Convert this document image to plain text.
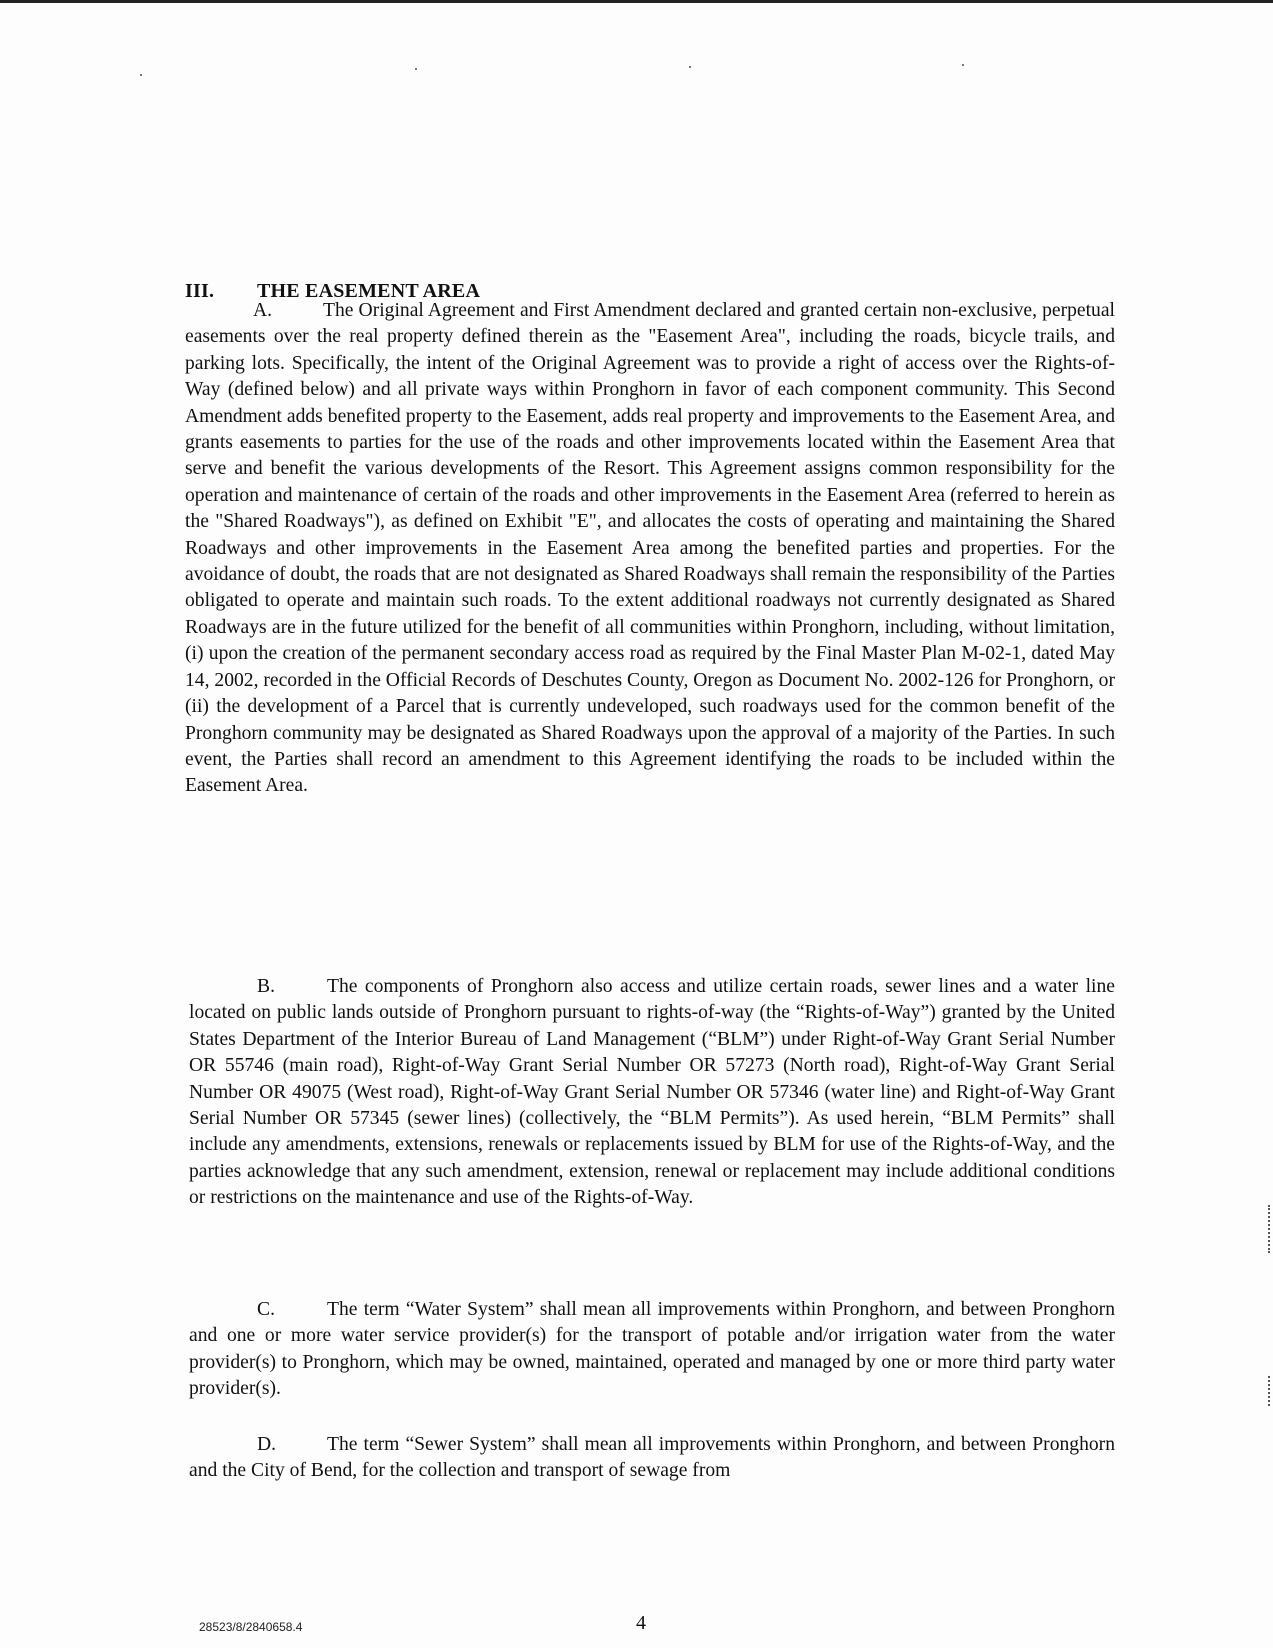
III. THE EASEMENT AREA

A.	The Original Agreement and First Amendment declared and granted certain non-exclusive, perpetual easements over the real property defined therein as the "Easement Area", including the roads, bicycle trails, and parking lots. Specifically, the intent of the Original Agreement was to provide a right of access over the Rights-of-Way (defined below) and all private ways within Pronghorn in favor of each component community. This Second Amendment adds benefited property to the Easement, adds real property and improvements to the Easement Area, and grants easements to parties for the use of the roads and other improvements located within the Easement Area that serve and benefit the various developments of the Resort. This Agreement assigns common responsibility for the operation and maintenance of certain of the roads and other improvements in the Easement Area (referred to herein as the "Shared Roadways"), as defined on Exhibit "E", and allocates the costs of operating and maintaining the Shared Roadways and other improvements in the Easement Area among the benefited parties and properties. For the avoidance of doubt, the roads that are not designated as Shared Roadways shall remain the responsibility of the Parties obligated to operate and maintain such roads. To the extent additional roadways not currently designated as Shared Roadways are in the future utilized for the benefit of all communities within Pronghorn, including, without limitation, (i) upon the creation of the permanent secondary access road as required by the Final Master Plan M-02-1, dated May 14, 2002, recorded in the Official Records of Deschutes County, Oregon as Document No. 2002-126 for Pronghorn, or (ii) the development of a Parcel that is currently undeveloped, such roadways used for the common benefit of the Pronghorn community may be designated as Shared Roadways upon the approval of a majority of the Parties. In such event, the Parties shall record an amendment to this Agreement identifying the roads to be included within the Easement Area.

B.	The components of Pronghorn also access and utilize certain roads, sewer lines and a water line located on public lands outside of Pronghorn pursuant to rights-of-way (the “Rights-of-Way”) granted by the United States Department of the Interior Bureau of Land Management (“BLM”) under Right-of-Way Grant Serial Number OR 55746 (main road), Right-of-Way Grant Serial Number OR 57273 (North road), Right-of-Way Grant Serial Number OR 49075 (West road), Right-of-Way Grant Serial Number OR 57346 (water line) and Right-of-Way Grant Serial Number OR 57345 (sewer lines) (collectively, the “BLM Permits”). As used herein, “BLM Permits” shall include any amendments, extensions, renewals or replacements issued by BLM for use of the Rights-of-Way, and the parties acknowledge that any such amendment, extension, renewal or replacement may include additional conditions or restrictions on the maintenance and use of the Rights-of-Way.

C.	The term “Water System” shall mean all improvements within Pronghorn, and between Pronghorn and one or more water service provider(s) for the transport of potable and/or irrigation water from the water provider(s) to Pronghorn, which may be owned, maintained, operated and managed by one or more third party water provider(s).

D.	The term “Sewer System” shall mean all improvements within Pronghorn, and between Pronghorn and the City of Bend, for the collection and transport of sewage from

28523/8/2840658.4	4
